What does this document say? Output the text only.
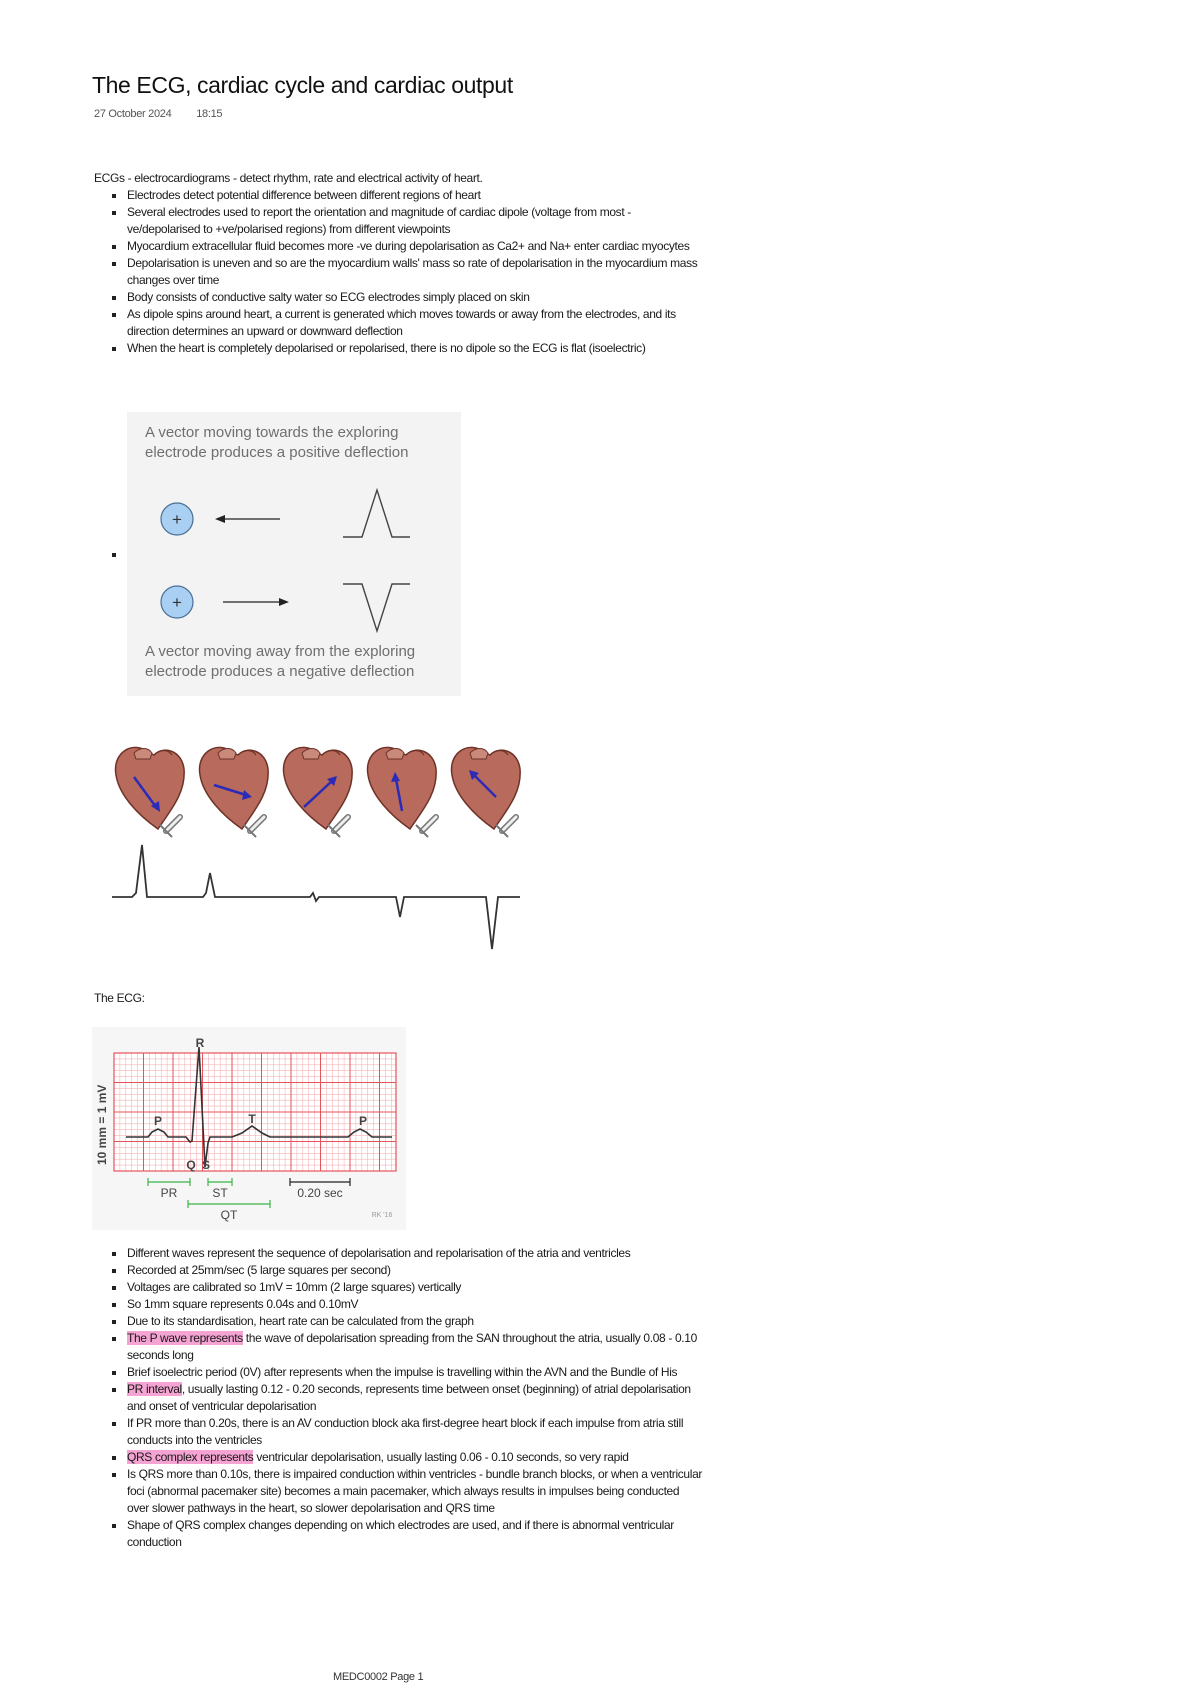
The ECG, cardiac cycle and cardiac output
27 October 2024 18:15
ECGs - electrocardiograms - detect rhythm, rate and electrical activity of heart.
Electrodes detect potential difference between different regions of heart
Several electrodes used to report the orientation and magnitude of cardiac dipole (voltage from most -ve/depolarised to +ve/polarised regions) from different viewpoints
Myocardium extracellular fluid becomes more -ve during depolarisation as Ca2+ and Na+ enter cardiac myocytes
Depolarisation is uneven and so are the myocardium walls' mass so rate of depolarisation in the myocardium mass changes over time
Body consists of conductive salty water so ECG electrodes simply placed on skin
As dipole spins around heart, a current is generated which moves towards or away from the electrodes, and its direction determines an upward or downward deflection
When the heart is completely depolarised or repolarised, there is no dipole so the ECG is flat (isoelectric)
A vector moving towards the exploring
electrode produces a positive deflection
+
+
A vector moving away from the exploring
electrode produces a negative deflection
The ECG:
10 mm = 1 mV
R
P	T	P
Q S
PR	ST
QT
0.20 sec
RK '16
Different waves represent the sequence of depolarisation and repolarisation of the atria and ventricles
Recorded at 25mm/sec (5 large squares per second)
Voltages are calibrated so 1mV = 10mm (2 large squares) vertically
So 1mm square represents 0.04s and 0.10mV
Due to its standardisation, heart rate can be calculated from the graph
The P wave represents the wave of depolarisation spreading from the SAN throughout the atria, usually 0.08 - 0.10 seconds long
Brief isoelectric period (0V) after represents when the impulse is travelling within the AVN and the Bundle of His
PR interval, usually lasting 0.12 - 0.20 seconds, represents time between onset (beginning) of atrial depolarisation and onset of ventricular depolarisation
If PR more than 0.20s, there is an AV conduction block aka first-degree heart block if each impulse from atria still conducts into the ventricles
QRS complex represents ventricular depolarisation, usually lasting 0.06 - 0.10 seconds, so very rapid
Is QRS more than 0.10s, there is impaired conduction within ventricles - bundle branch blocks, or when a ventricular foci (abnormal pacemaker site) becomes a main pacemaker, which always results in impulses being conducted over slower pathways in the heart, so slower depolarisation and QRS time
Shape of QRS complex changes depending on which electrodes are used, and if there is abnormal ventricular conduction
MEDC0002 Page 1
